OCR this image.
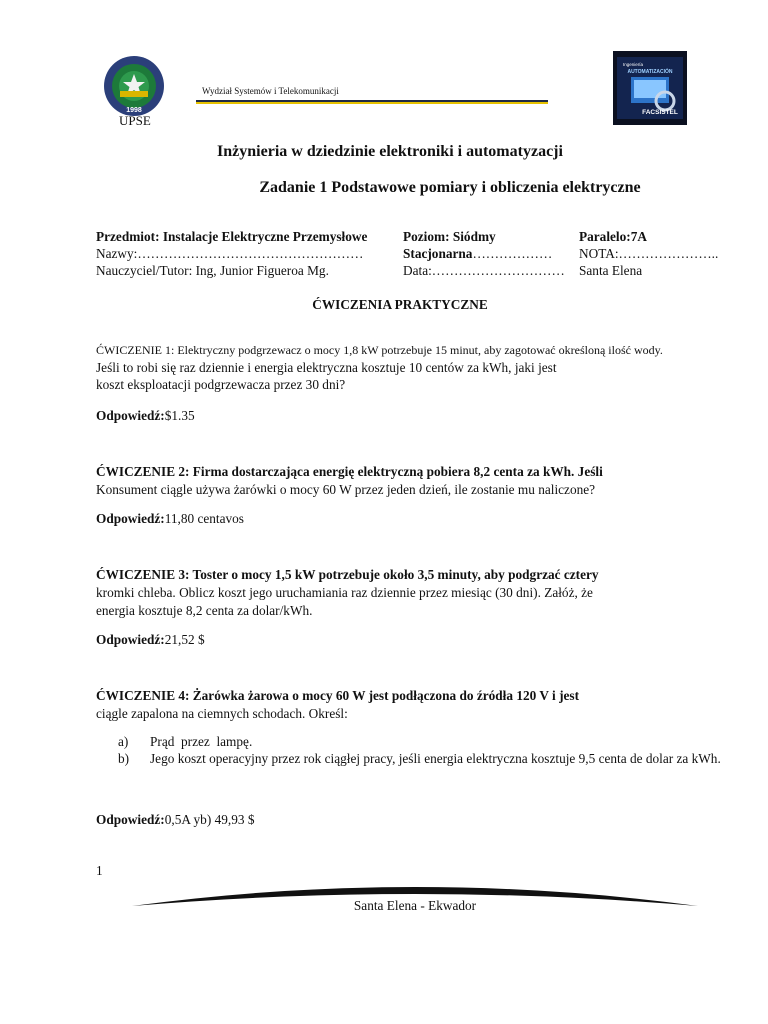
1998
UPSE
Wydział Systemów i Telekomunikacji
Ingeniería
AUTOMATIZACIÓN
FACSISTEL
Inżynieria w dziedzinie elektroniki i automatyzacji
Zadanie 1 Podstawowe pomiary i obliczenia elektryczne
Przedmiot: Instalacje Elektryczne Przemysłowe	Poziom: Siódmy	Paralelo:7A
Nazwy:……………………………………………	Stacjonarna……………… NOTA:…………………..
Nauczyciel/Tutor: Ing, Junior Figueroa Mg.	Data:………………………… Santa Elena
ĆWICZENIA PRAKTYCZNE
ĆWICZENIE 1: Elektryczny podgrzewacz o mocy 1,8 kW potrzebuje 15 minut, aby zagotować określoną ilość wody.
Jeśli to robi się raz dziennie i energia elektryczna kosztuje 10 centów za kWh, jaki jest
koszt eksploatacji podgrzewacza przez 30 dni?
Odpowiedź:$1.35
ĆWICZENIE 2: Firma dostarczająca energię elektryczną pobiera 8,2 centa za kWh. Jeśli
Konsument ciągle używa żarówki o mocy 60 W przez jeden dzień, ile zostanie mu naliczone?
Odpowiedź:11,80 centavos
ĆWICZENIE 3: Toster o mocy 1,5 kW potrzebuje około 3,5 minuty, aby podgrzać cztery
kromki chleba. Oblicz koszt jego uruchamiania raz dziennie przez miesiąc (30 dni). Załóż, że
energia kosztuje 8,2 centa za dolar/kWh.
Odpowiedź:21,52 $
ĆWICZENIE 4: Żarówka żarowa o mocy 60 W jest podłączona do źródła 120 V i jest
ciągle zapalona na ciemnych schodach. Określ:
a) Prąd  przez  lampę.
b) Jego koszt operacyjny przez rok ciągłej pracy, jeśli energia elektryczna kosztuje 9,5 centa de dolar za kWh.
Odpowiedź:0,5A yb) 49,93 $
1
Santa Elena - Ekwador
